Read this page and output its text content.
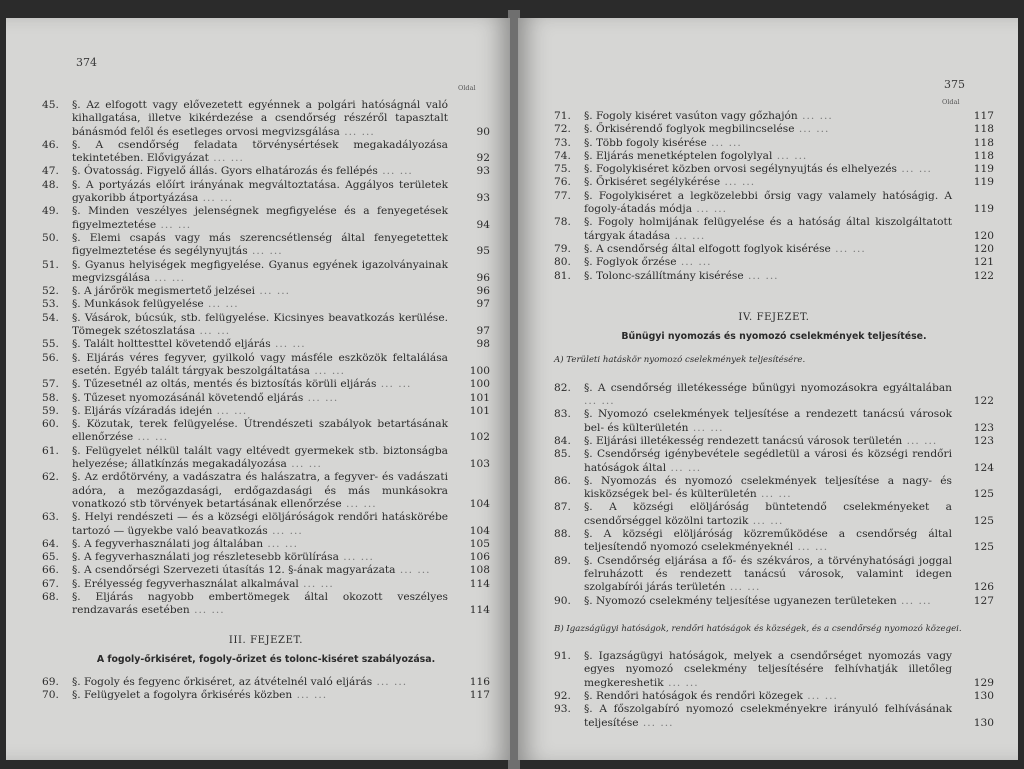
374
Oldal
45. §. Az elfogott vagy elővezetett egyénnek a polgári hatóságnál való kihallgatása, illetve kikérdezése a csendőrség részéről tapasztalt bánásmód felől és esetleges orvosi megvizsgálása ... ...	90
46. §. A csendőrség feladata törvénysértések megakadályozása tekintetében. Elővigyázat ... ...	92
47. §. Óvatosság. Figyelő állás. Gyors elhatározás és fellépés ... ...	93
48. §. A portyázás előírt irányának megváltoztatása. Aggályos területek gyakoribb átportyázása ... ...	93
49. §. Minden veszélyes jelenségnek megfigyelése és a fenyegetések figyelmeztetése ... ...	94
50. §. Elemi csapás vagy más szerencsétlenség által fenyegetettek figyelmeztetése és segélynyujtás ... ...	95
51. §. Gyanus helyiségek megfigyelése. Gyanus egyének igazolványainak megvizsgálása ... ...	96
52. §. A járőrök megismertető jelzései ... ...	96
53. §. Munkások felügyelése ... ...	97
54. §. Vásárok, búcsúk, stb. felügyelése. Kicsinyes beavatkozás kerülése. Tömegek szétoszlatása ... ...	97
55. §. Talált holttesttel követendő eljárás ... ...	98
56. §. Eljárás véres fegyver, gyilkoló vagy másféle eszközök feltalálása esetén. Egyéb talált tárgyak beszolgáltatása ... ...	100
57. §. Tűzesetnél az oltás, mentés és biztosítás körüli eljárás ... ...	100
58. §. Tűzeset nyomozásánál követendő eljárás ... ...	101
59. §. Eljárás vízáradás idején ... ...	101
60. §. Közutak, terek felügyelése. Útrendészeti szabályok betartásának ellenőrzése ... ...	102
61. §. Felügyelet nélkül talált vagy eltévedt gyermekek stb. biztonságba helyezése; állatkínzás megakadályozása ... ...	103
62. §. Az erdőtörvény, a vadászatra és halászatra, a fegyver- és vadászati adóra, a mezőgazdasági, erdőgazdasági és más munkásokra vonatkozó stb törvények betartásának ellenőrzése ... ...	104
63. §. Helyi rendészeti — és a községi elöljáróságok rendőri hatáskörébe tartozó — ügyekbe való beavatkozás ... ...	104
64. §. A fegyverhasználati jog általában ... ...	105
65. §. A fegyverhasználati jog részletesebb körülírása ... ...	106
66. §. A csendőrségi Szervezeti útasítás 12. §-ának magyarázata ... ...	108
67. §. Erélyesség fegyverhasználat alkalmával ... ...	114
68. §. Eljárás nagyobb embertömegek által okozott veszélyes rendzavarás esetében ... ...	114
III. FEJEZET.
A fogoly-őrkiséret, fogoly-őrizet és tolonc-kiséret szabályozása.
69. §. Fogoly és fegyenc őrkiséret, az átvételnél való eljárás ... ...	116
70. §. Felügyelet a fogolyra őrkisérés közben ... ...	117
375
Oldal
71. §. Fogoly kiséret vasúton vagy gőzhajón ... ...	117
72. §. Őrkisérendő foglyok megbilincselése ... ...	118
73. §. Több fogoly kisérése ... ...	118
74. §. Eljárás menetképtelen fogolylyal ... ...	118
75. §. Fogolykiséret közben orvosi segélynyujtás és elhelyezés ... ...	119
76. §. Őrkiséret segélykérése ... ...	119
77. §. Fogolykiséret a legközelebbi őrsig vagy valamely hatóságig. A fogoly-átadás módja ... ...	119
78. §. Fogoly holmijának felügyelése és a hatóság által kiszolgáltatott tárgyak átadása ... ...	120
79. §. A csendőrség által elfogott foglyok kisérése ... ...	120
80. §. Foglyok őrzése ... ...	121
81. §. Tolonc-szállítmány kisérése ... ...	122
IV. FEJEZET.
Bűnügyi nyomozás és nyomozó cselekmények teljesítése.
A) Területi hatáskör nyomozó cselekmények teljesítésére.
82. §. A csendőrség illetékessége bűnügyi nyomozásokra egyáltalában ... ...	122
83. §. Nyomozó cselekmények teljesítése a rendezett tanácsú városok bel- és külterületén ... ...	123
84. §. Eljárási illetékesség rendezett tanácsú városok területén ... ...	123
85. §. Csendőrség igénybevétele segédletül a városi és községi rendőri hatóságok által ... ...	124
86. §. Nyomozás és nyomozó cselekmények teljesítése a nagy- és kisközségek bel- és külterületén ... ...	125
87. §. A községi elöljáróság büntetendő cselekményeket a csendőrséggel közölni tartozik ... ...	125
88. §. A községi elöljáróság közreműködése a csendőrség által teljesítendő nyomozó cselekményeknél ... ...	125
89. §. Csendőrség eljárása a fő- és székváros, a törvényhatósági joggal felruházott és rendezett tanácsú városok, valamint idegen szolgabírói járás területén ... ...	126
90. §. Nyomozó cselekmény teljesítése ugyanezen területeken ... ...	127
B) Igazságügyi hatóságok, rendőri hatóságok és községek, és a csendőrség nyomozó közegei.
91. §. Igazságügyi hatóságok, melyek a csendőrséget nyomozás vagy egyes nyomozó cselekmény teljesítésére felhívhatják illetőleg megkereshetik ... ...	129
92. §. Rendőri hatóságok és rendőri közegek ... ...	130
93. §. A főszolgabíró nyomozó cselekményekre irányuló felhívásának teljesítése ... ...	130
